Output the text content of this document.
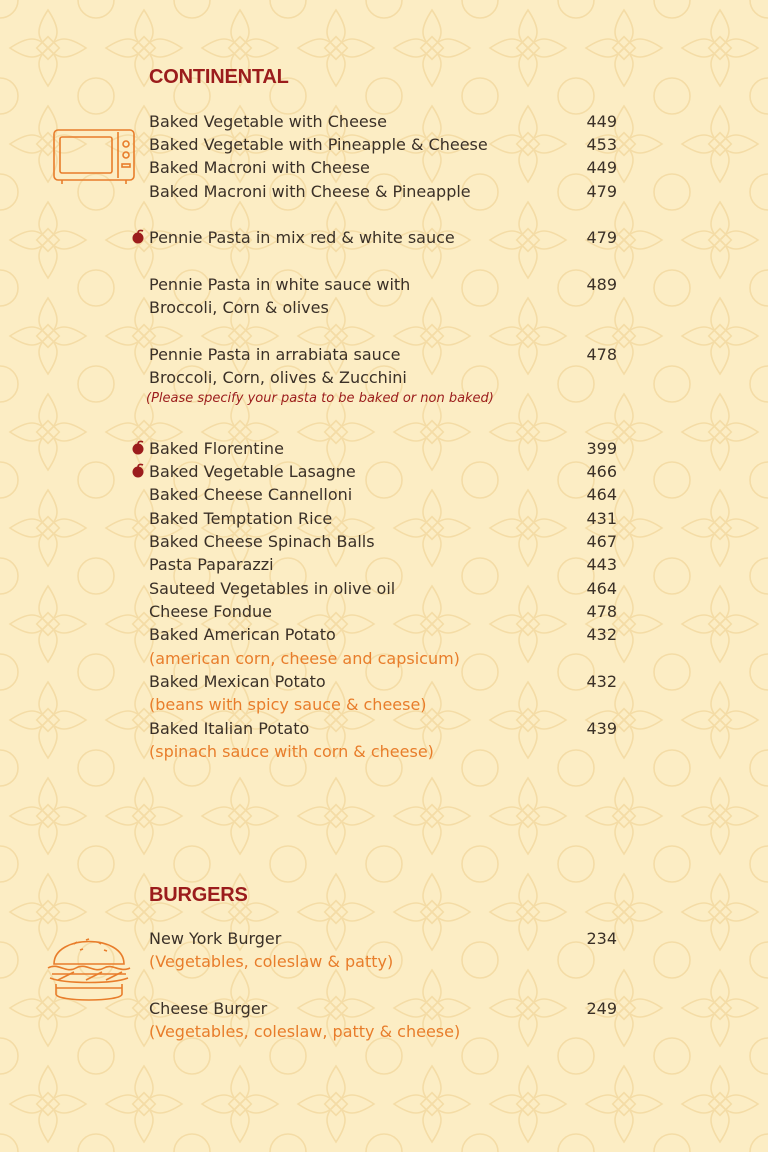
CONTINENTAL
Baked Vegetable with Cheese	449
Baked Vegetable with Pineapple & Cheese	453
Baked Macroni with Cheese	449
Baked Macroni with Cheese & Pineapple	479
Pennie Pasta in mix red & white sauce	479
Pennie Pasta in white sauce with	489
Broccoli, Corn & olives
Pennie Pasta in arrabiata sauce	478
Broccoli, Corn, olives & Zucchini
(Please specify your pasta to be baked or non baked)
Baked Florentine	399
Baked Vegetable Lasagne	466
Baked Cheese Cannelloni	464
Baked Temptation Rice	431
Baked Cheese Spinach Balls	467
Pasta Paparazzi	443
Sauteed Vegetables in olive oil	464
Cheese Fondue	478
Baked American Potato	432
(american corn, cheese and capsicum)
Baked Mexican Potato	432
(beans with spicy sauce & cheese)
Baked Italian Potato	439
(spinach sauce with corn & cheese)
BURGERS
New York Burger	234
(Vegetables, coleslaw & patty)
Cheese Burger	249
(Vegetables, coleslaw, patty & cheese)
